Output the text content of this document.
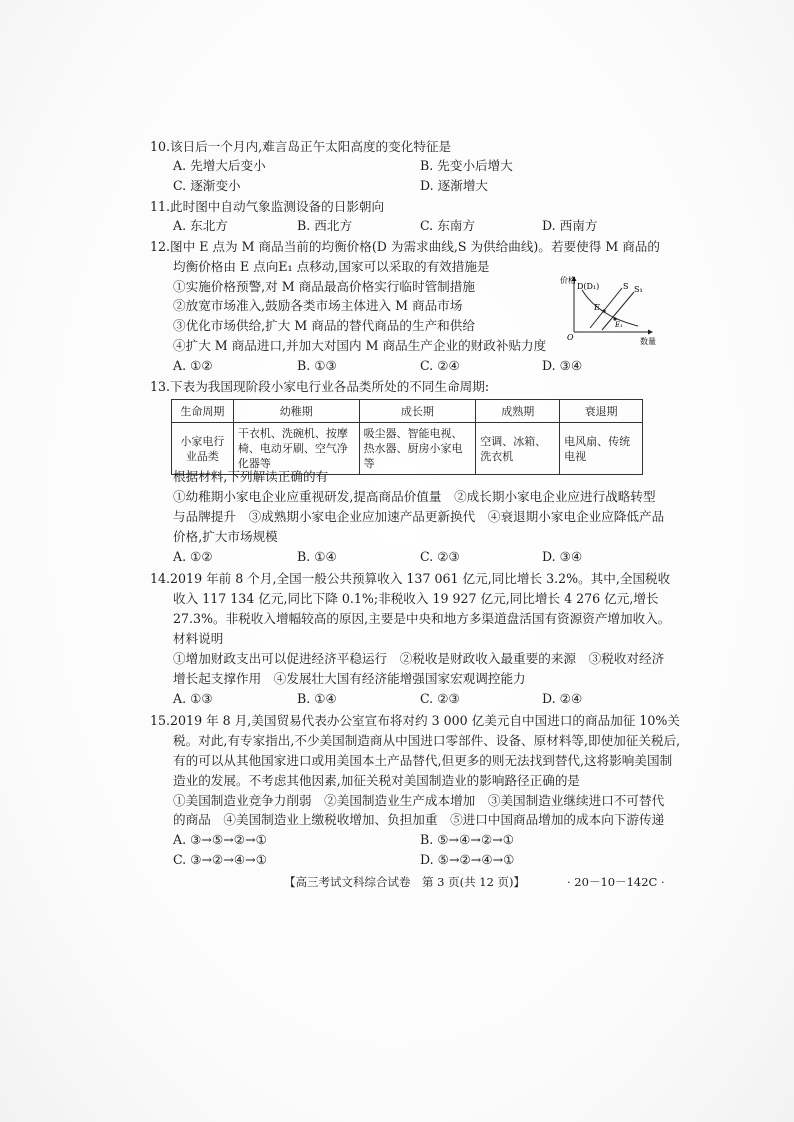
10.该日后一个月内,难言岛正午太阳高度的变化特征是
A. 先增大后变小	B. 先变小后增大
C. 逐渐变小	D. 逐渐增大
11.此时图中自动气象监测设备的日影朝向
A. 东北方	B. 西北方	C. 东南方	D. 西南方
12.图中 E 点为 M 商品当前的均衡价格(D 为需求曲线,S 为供给曲线)。若要使得 M 商品的
均衡价格由 E 点向E₁ 点移动,国家可以采取的有效措施是
①实施价格预警,对 M 商品最高价格实行临时管制措施
②放宽市场准入,鼓励各类市场主体进入 M 商品市场
③优化市场供给,扩大 M 商品的替代商品的生产和供给
④扩大 M 商品进口,并加大对国内 M 商品生产企业的财政补贴力度
A. ①②	B. ①③	C. ②④	D. ③④
价格
D(D₁)	S S₁
E
E₁
O	数量
13.下表为我国现阶段小家电行业各品类所处的不同生命周期:
生命周期	幼稚期	成长期	成熟期	衰退期
小家电行
业品类	干衣机、洗碗机、按摩椅、电动牙刷、空气净化器等	吸尘器、智能电视、热水器、厨房小家电等	空调、冰箱、洗衣机	电风扇、传统电视
根据材料,下列解读正确的有
①幼稚期小家电企业应重视研发,提高商品价值量　②成长期小家电企业应进行战略转型
与品牌提升　③成熟期小家电企业应加速产品更新换代　④衰退期小家电企业应降低产品
价格,扩大市场规模
A. ①②	B. ①④	C. ②③	D. ③④
14.2019 年前 8 个月,全国一般公共预算收入 137 061 亿元,同比增长 3.2%。其中,全国税收
收入 117 134 亿元,同比下降 0.1%;非税收入 19 927 亿元,同比增长 4 276 亿元,增长
27.3%。非税收入增幅较高的原因,主要是中央和地方多渠道盘活国有资源资产增加收入。
材料说明
①增加财政支出可以促进经济平稳运行　②税收是财政收入最重要的来源　③税收对经济
增长起支撑作用　④发展壮大国有经济能增强国家宏观调控能力
A. ①③	B. ①④	C. ②③	D. ②④
15.2019 年 8 月,美国贸易代表办公室宣布将对约 3 000 亿美元自中国进口的商品加征 10%关
税。对此,有专家指出,不少美国制造商从中国进口零部件、设备、原材料等,即使加征关税后,
有的可以从其他国家进口或用美国本土产品替代,但更多的则无法找到替代,这将影响美国制
造业的发展。不考虑其他因素,加征关税对美国制造业的影响路径正确的是
①美国制造业竞争力削弱　②美国制造业生产成本增加　③美国制造业继续进口不可替代
的商品　④美国制造业上缴税收增加、负担加重　⑤进口中国商品增加的成本向下游传递
A. ③→⑤→②→①	B. ⑤→④→②→①
C. ③→②→④→①	D. ⑤→②→④→①
【高三考试文科综合试卷　第 3 页(共 12 页)】	· 20－10－142C ·
